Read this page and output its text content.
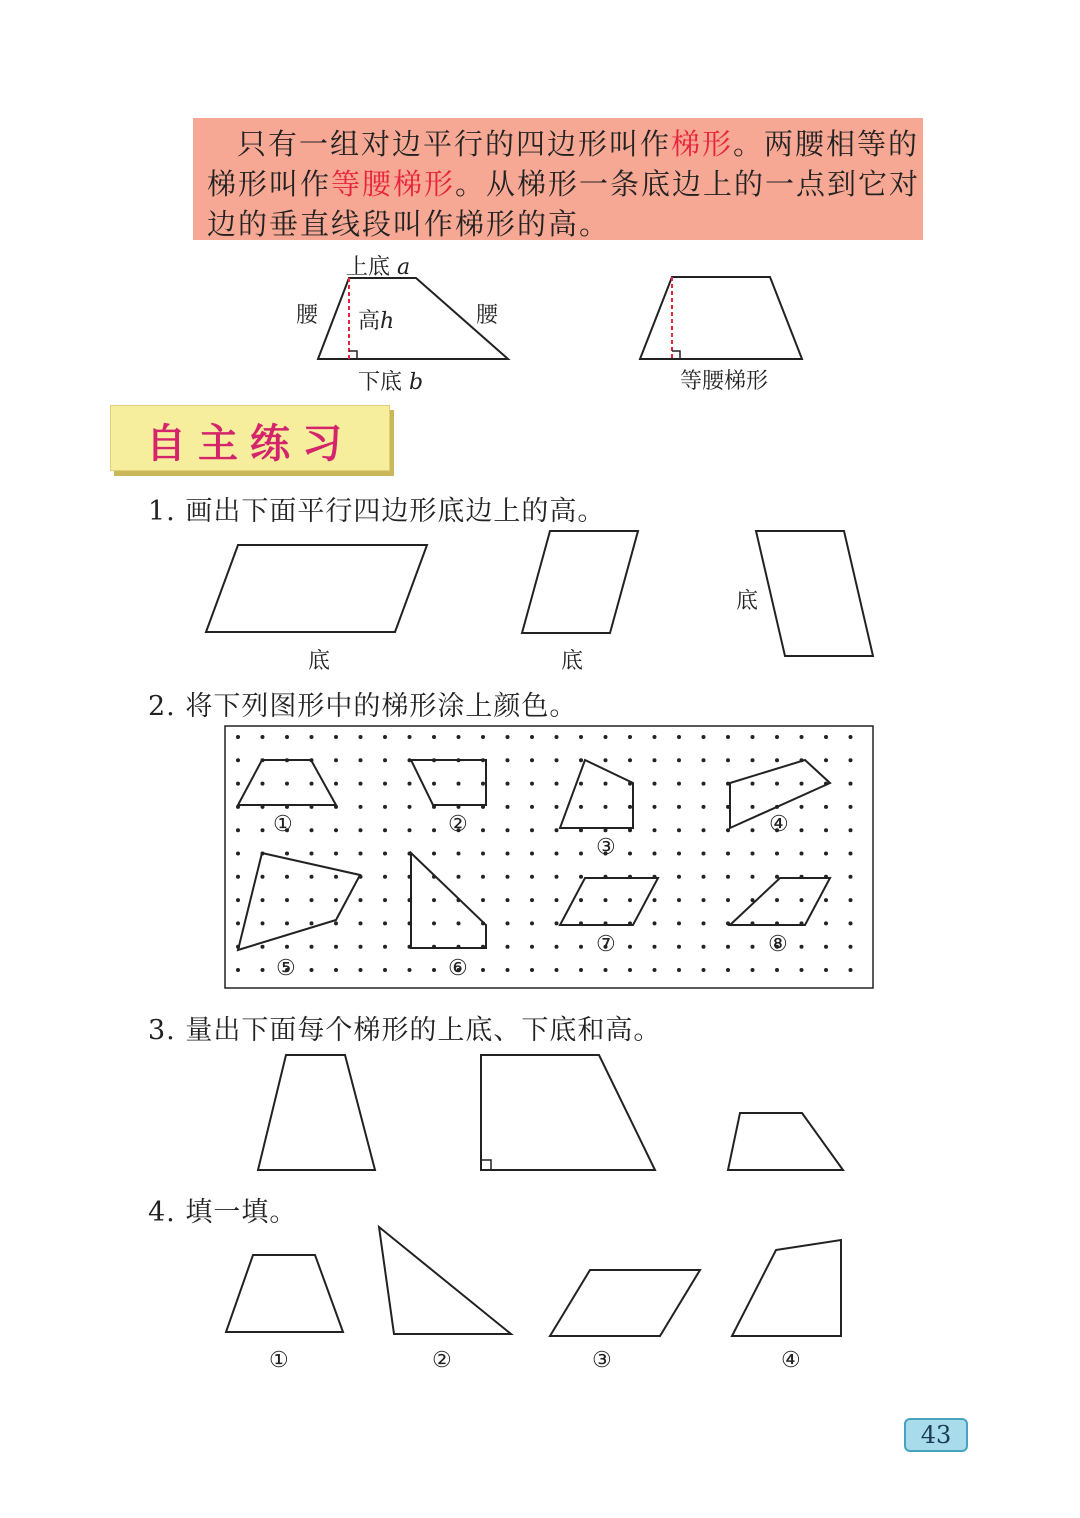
只有一组对边平行的四边形叫作梯形。两腰相等的
梯形叫作等腰梯形。从梯形一条底边上的一点到它对
边的垂直线段叫作梯形的高。
上底 a
腰	腰
高h
下底 b	等腰梯形
自主练习
1. 画出下面平行四边形底边上的高。
底	底
底
2. 将下列图形中的梯形涂上颜色。
①	②
③
④
⑤	⑥
⑦	⑧
3. 量出下面每个梯形的上底、下底和高。
4. 填一填。
①	②	③	④
43
